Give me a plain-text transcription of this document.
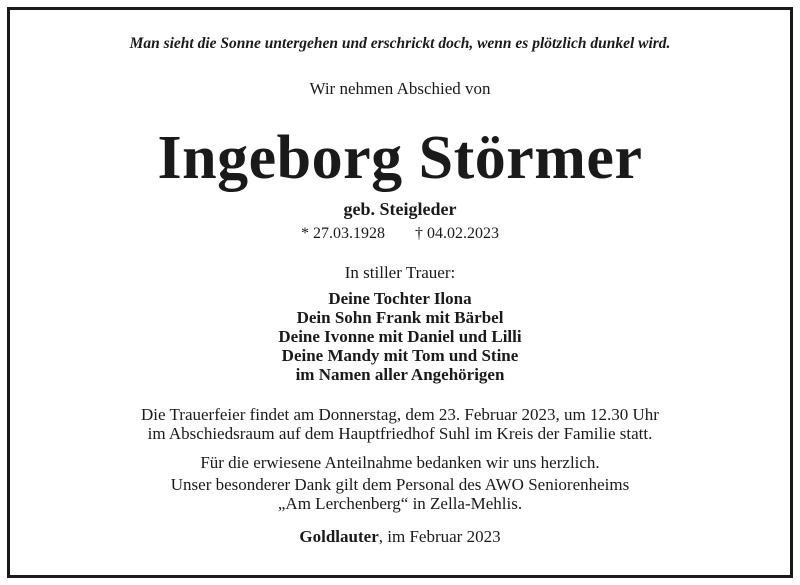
Man sieht die Sonne untergehen und erschrickt doch, wenn es plötzlich dunkel wird.
Wir nehmen Abschied von
Ingeborg Störmer
geb. Steigleder
* 27.03.1928 † 04.02.2023
In stiller Trauer:
Deine Tochter Ilona
Dein Sohn Frank mit Bärbel
Deine Ivonne mit Daniel und Lilli
Deine Mandy mit Tom und Stine
im Namen aller Angehörigen
Die Trauerfeier findet am Donnerstag, dem 23. Februar 2023, um 12.30 Uhr
im Abschiedsraum auf dem Hauptfriedhof Suhl im Kreis der Familie statt.
Für die erwiesene Anteilnahme bedanken wir uns herzlich.
Unser besonderer Dank gilt dem Personal des AWO Seniorenheims
„Am Lerchenberg“ in Zella-Mehlis.
Goldlauter, im Februar 2023
